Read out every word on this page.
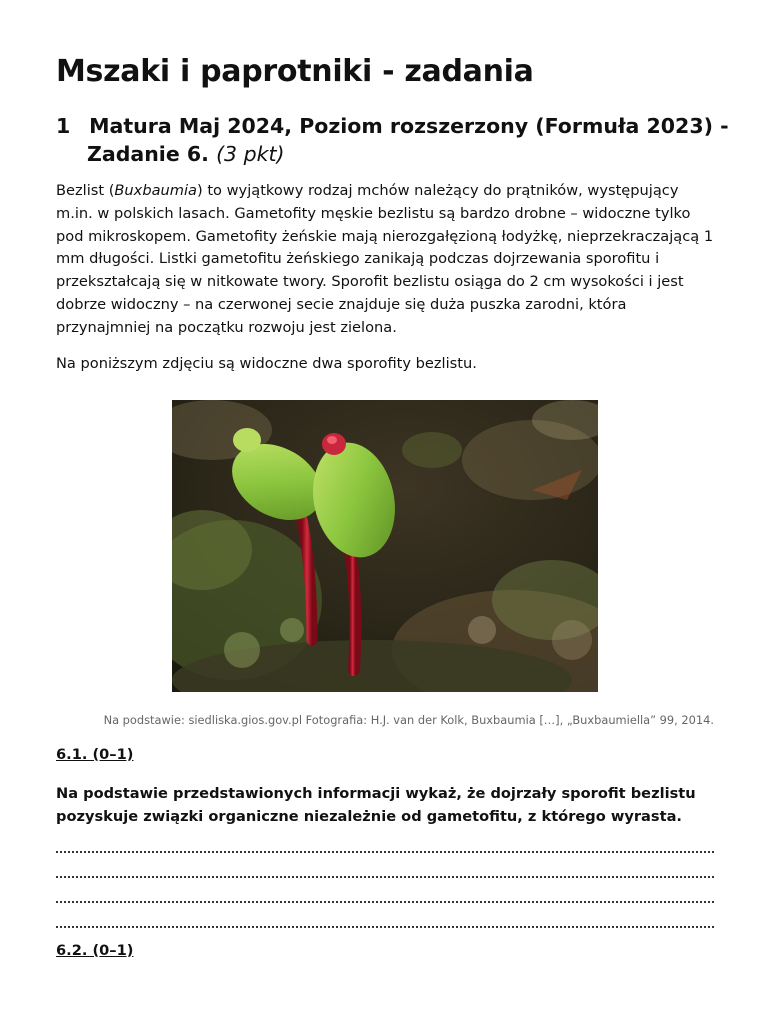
Mszaki i paprotniki - zadania
1 Matura Maj 2024, Poziom rozszerzony (Formuła 2023) -
Zadanie 6. (3 pkt)

Bezlist (Buxbaumia) to wyjątkowy rodzaj mchów należący do prątników, występujący m.in. w polskich lasach. Gametofity męskie bezlistu są bardzo drobne – widoczne tylko pod mikroskopem. Gametofity żeńskie mają nierozgałęzioną łodyżkę, nieprzekraczającą 1 mm długości. Listki gametofitu żeńskiego zanikają podczas dojrzewania sporofitu i przekształcają się w nitkowate twory. Sporofit bezlistu osiąga do 2 cm wysokości i jest dobrze widoczny – na czerwonej secie znajduje się duża puszka zarodni, która przynajmniej na początku rozwoju jest zielona.

Na poniższym zdjęciu są widoczne dwa sporofity bezlistu.

Na podstawie: siedliska.gios.gov.pl Fotografia: H.J. van der Kolk, Buxbaumia […], „Buxbaumiella” 99, 2014.

6.1. (0–1)

Na podstawie przedstawionych informacji wykaż, że dojrzały sporofit bezlistu pozyskuje związki organiczne niezależnie od gametofitu, z którego wyrasta.

6.2. (0–1)
